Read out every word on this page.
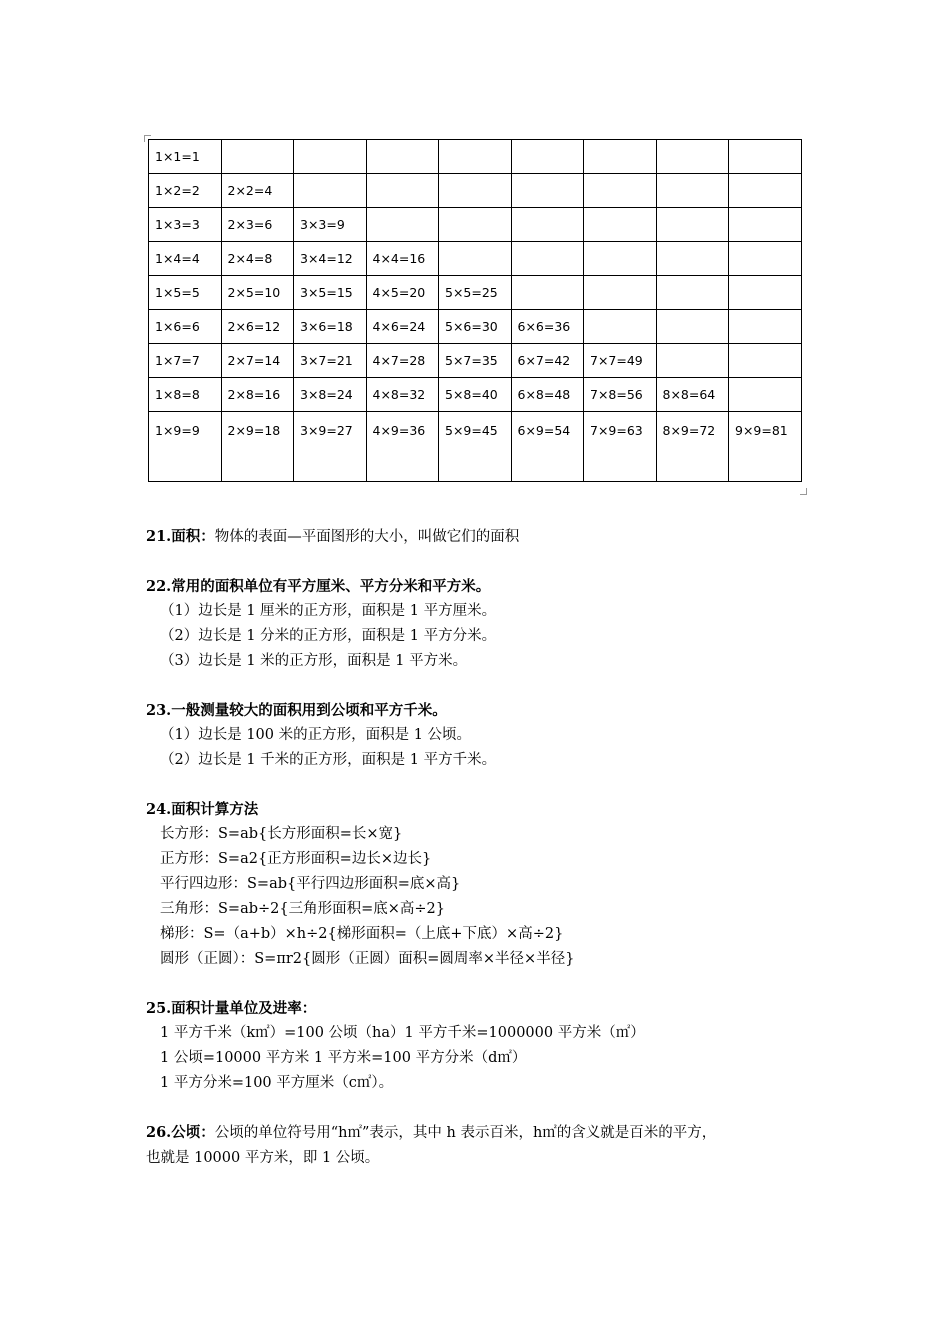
1×1=1								
1×2=2	2×2=4							
1×3=3	2×3=6	3×3=9						
1×4=4	2×4=8	3×4=12	4×4=16					
1×5=5	2×5=10	3×5=15	4×5=20	5×5=25				
1×6=6	2×6=12	3×6=18	4×6=24	5×6=30	6×6=36			
1×7=7	2×7=14	3×7=21	4×7=28	5×7=35	6×7=42	7×7=49		
1×8=8	2×8=16	3×8=24	4×8=32	5×8=40	6×8=48	7×8=56	8×8=64	
1×9=9	2×9=18	3×9=27	4×9=36	5×9=45	6×9=54	7×9=63	8×9=72	9×9=81

21.面积：物体的表面—平面图形的大小，叫做它们的面积

22.常用的面积单位有平方厘米、平方分米和平方米。

（1）边长是 1 厘米的正方形，面积是 1 平方厘米。

（2）边长是 1 分米的正方形，面积是 1 平方分米。

（3）边长是 1 米的正方形，面积是 1 平方米。

23.一般测量较大的面积用到公顷和平方千米。

（1）边长是 100 米的正方形，面积是 1 公顷。

（2）边长是 1 千米的正方形，面积是 1 平方千米。

24.面积计算方法

长方形：S=ab{长方形面积=长×宽}

正方形：S=a2{正方形面积=边长×边长}

平行四边形：S=ab{平行四边形面积=底×高}

三角形：S=ab÷2{三角形面积=底×高÷2}

梯形：S=（a+b）×h÷2{梯形面积=（上底+下底）×高÷2}

圆形（正圆）：S=πr2{圆形（正圆）面积=圆周率×半径×半径}

25.面积计量单位及进率：

1 平方千米（k㎡）=100 公顷（ha）1 平方千米=1000000 平方米（㎡）

1 公顷=10000 平方米 1 平方米=100 平方分米（d㎡）

1 平方分米=100 平方厘米（c㎡）。

26.公顷：公顷的单位符号用“h㎡”表示，其中 h 表示百米，h㎡的含义就是百米的平方，

也就是 10000 平方米，即 1 公顷。
